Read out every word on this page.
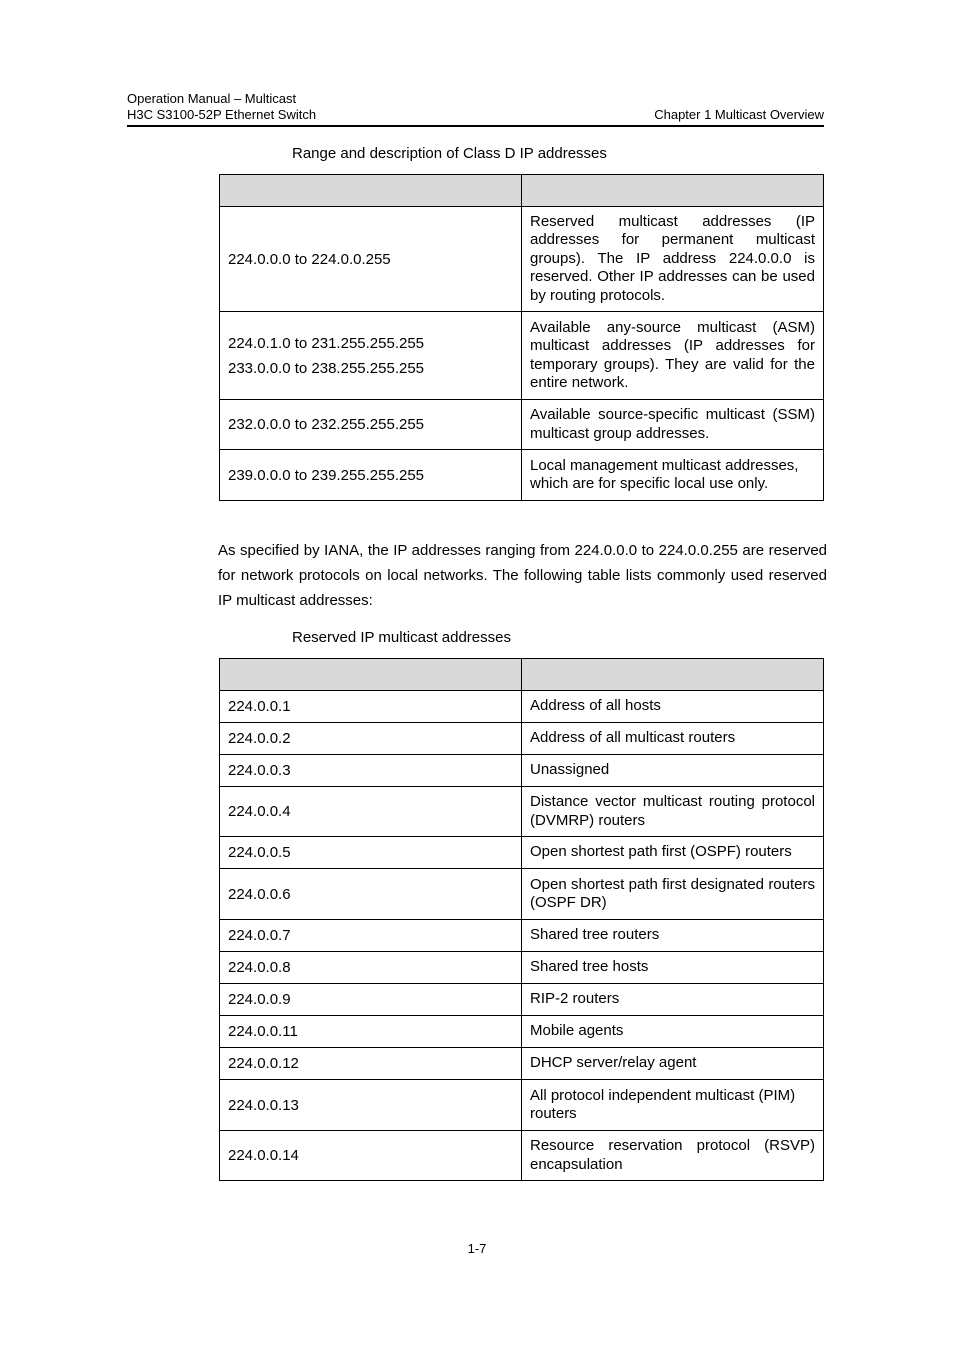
Operation Manual – Multicast
H3C S3100-52P Ethernet Switch	Chapter 1 Multicast Overview
Range and description of Class D IP addresses

224.0.0.0 to 224.0.0.255	Reserved multicast addresses (IP addresses for permanent multicast groups). The IP address 224.0.0.0 is reserved. Other IP addresses can be used by routing protocols.

224.0.1.0 to 231.255.255.255
233.0.0.0 to 238.255.255.255	Available any-source multicast (ASM) multicast addresses (IP addresses for temporary groups). They are valid for the entire network.

232.0.0.0 to 232.255.255.255	Available source-specific multicast (SSM) multicast group addresses.

239.0.0.0 to 239.255.255.255	Local management multicast addresses, which are for specific local use only.
As specified by IANA, the IP addresses ranging from 224.0.0.0 to 224.0.0.255 are reserved for network protocols on local networks. The following table lists commonly used reserved IP multicast addresses:
Reserved IP multicast addresses

224.0.0.1	Address of all hosts
224.0.0.2	Address of all multicast routers
224.0.0.3	Unassigned
224.0.0.4	Distance vector multicast routing protocol (DVMRP) routers
224.0.0.5	Open shortest path first (OSPF) routers
224.0.0.6	Open shortest path first designated routers (OSPF DR)
224.0.0.7	Shared tree routers
224.0.0.8	Shared tree hosts
224.0.0.9	RIP-2 routers
224.0.0.11	Mobile agents
224.0.0.12	DHCP server/relay agent
224.0.0.13	All protocol independent multicast (PIM) routers
224.0.0.14	Resource reservation protocol (RSVP) encapsulation
1-7
